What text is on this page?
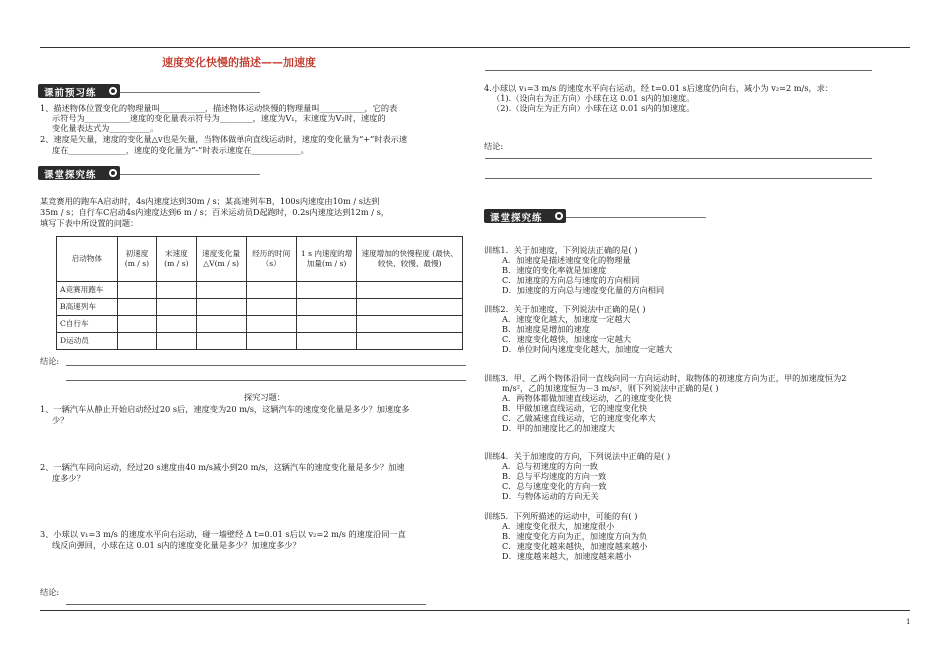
速度变化快慢的描述——加速度
课前预习练
1、描述物体位置变化的物理量叫___________，描述物体运动快慢的物理量叫___________，它的表
示符号为___________速度的变化量表示符号为________，速度为V₁，末速度为V₂时，速度的
变化量表达式为__________。
2、速度是矢量，速度的变化量△v也是矢量，当物体做单向直线运动时，速度的变化量为“+”时表示速
度在______________，速度的变化量为“-”时表示速度在____________。
课堂探究练
某竞赛用的跑车A启动时，4s内速度达到30m / s；某高速列车B，100s内速度由10m / s达到
35m / s；自行车C启动4s内速度达到6 m / s；百米运动员D起跑时，0.2s内速度达到12m / s，
填写下表中所设置的问题：
启动物体	初速度 (m / s)	末速度 (m / s)	速度变化量 △V(m / s)	经历的时间（s）	1 s 内速度的增加量(m / s)	速度增加的快慢程度 (最快、较快、较慢、最慢)
A竞赛用跑车						
B高速列车						
C自行车						
D运动员						
结论:
探究习题：
1、一辆汽车从静止开始启动经过20 s后，速度变为20 m/s，这辆汽车的速度变化量是多少？加速度多
少？
2、一辆汽车同向运动，经过20 s速度由40 m/s减小到20 m/s，这辆汽车的速度变化量是多少？加速
度多少？
3、小球以 v₁=3 m/s 的速度水平向右运动，碰一墙壁经 Δ t=0.01 s后以 v₂=2 m/s 的速度沿同一直
线反向弹回，小球在这 0.01 s内的速度变化量是多少？加速度多少？
结论:
4.小球以 v₁=3 m/s 的速度水平向右运动，经 t=0.01 s后速度仍向右，减小为 v₂=2 m/s，求：
（1).（设向右为正方向）小球在这 0.01 s内的加速度。
（2).（设向左为正方向）小球在这 0.01 s内的加速度。
结论:
课堂探究练
训练1．关于加速度，下列说法正确的是( )
A．加速度是描述速度变化的物理量
B．速度的变化率就是加速度
C．加速度的方向总与速度的方向相同
D．加速度的方向总与速度变化量的方向相同
训练2．关于加速度，下列说法中正确的是( )
A．速度变化越大，加速度一定越大
B．加速度是增加的速度
C．速度变化越快，加速度一定越大
D．单位时间内速度变化越大，加速度一定越大
训练3．甲、乙两个物体沿同一直线向同一方向运动时，取物体的初速度方向为正，甲的加速度恒为2
m/s²，乙的加速度恒为－3 m/s²，则下列说法中正确的是( )
A．两物体都做加速直线运动，乙的速度变化快
B．甲做加速直线运动，它的速度变化快
C．乙做减速直线运动，它的速度变化率大
D．甲的加速度比乙的加速度大
训练4．关于加速度的方向，下列说法中正确的是( )
A．总与初速度的方向一致
B．总与平均速度的方向一致
C．总与速度变化的方向一致
D．与物体运动的方向无关
训练5．下列所描述的运动中，可能的有( )
A．速度变化很大，加速度很小
B．速度变化方向为正，加速度方向为负
C．速度变化越来越快，加速度越来越小
D．速度越来越大，加速度越来越小
1
